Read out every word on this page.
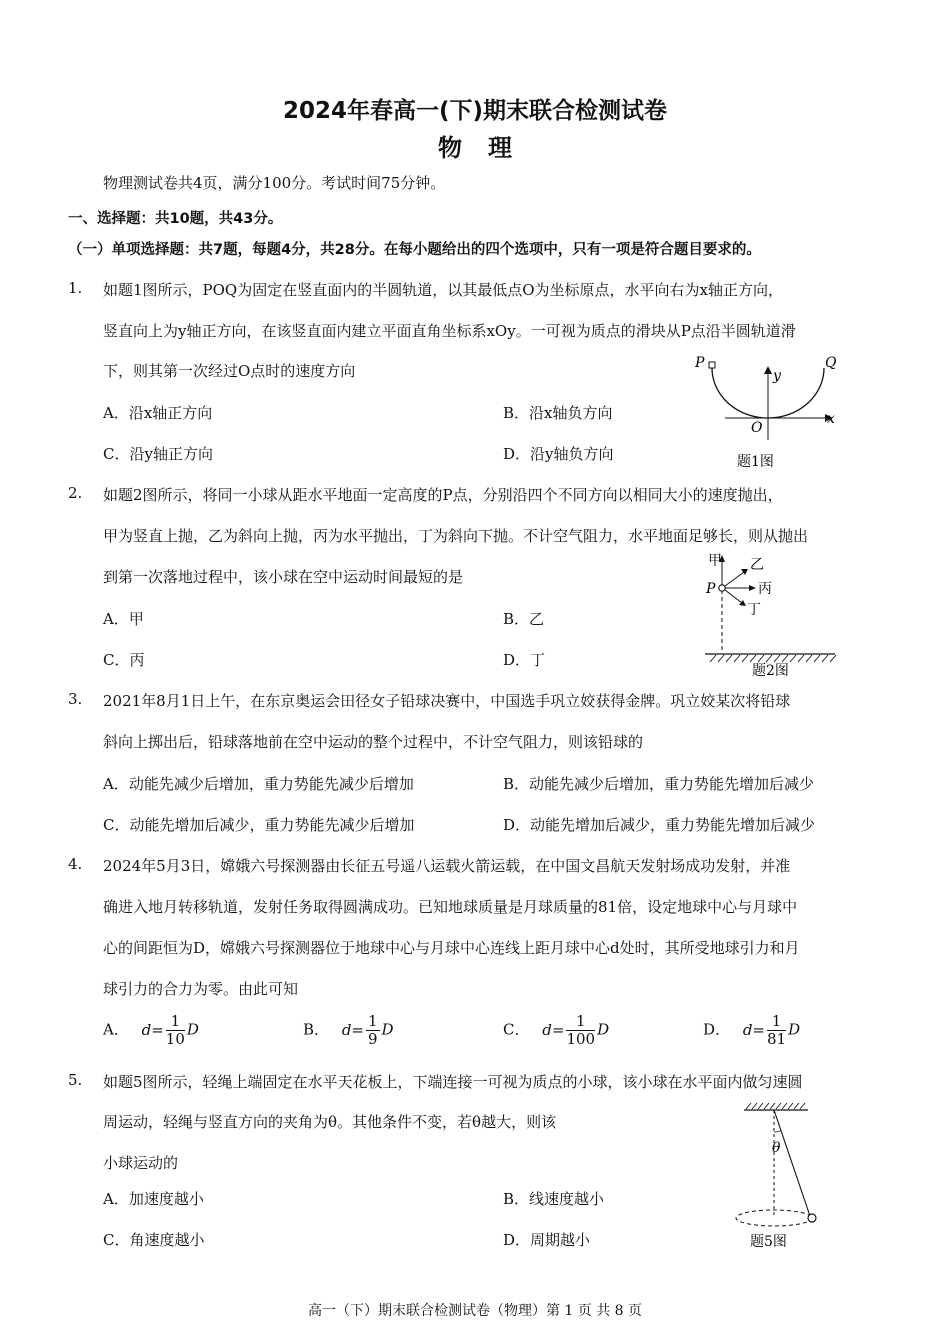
2024年春高一(下)期末联合检测试卷
物理
物理测试卷共4页，满分100分。考试时间75分钟。
一、选择题：共10题，共43分。
（一）单项选择题：共7题，每题4分，共28分。在每小题给出的四个选项中，只有一项是符合题目要求的。
1. 如题1图所示，POQ为固定在竖直面内的半圆轨道，以其最低点O为坐标原点，水平向右为x轴正方向，
竖直向上为y轴正方向，在该竖直面内建立平面直角坐标系xOy。一可视为质点的滑块从P点沿半圆轨道滑
下，则其第一次经过O点时的速度方向
A．沿x轴正方向	B．沿x轴负方向
C．沿y轴正方向	D．沿y轴负方向
P	Q
O
x
y
题1图
2. 如题2图所示，将同一小球从距水平地面一定高度的P点，分别沿四个不同方向以相同大小的速度抛出，
甲为竖直上抛，乙为斜向上抛，丙为水平抛出，丁为斜向下抛。不计空气阻力，水平地面足够长，则从抛出
到第一次落地过程中，该小球在空中运动时间最短的是
A．甲	B．乙
C．丙	D．丁
甲 乙
丙
丁
P
题2图
3. 2021年8月1日上午，在东京奥运会田径女子铅球决赛中，中国选手巩立姣获得金牌。巩立姣某次将铅球
斜向上掷出后，铅球落地前在空中运动的整个过程中，不计空气阻力，则该铅球的
A．动能先减少后增加，重力势能先减少后增加	B．动能先减少后增加，重力势能先增加后减少
C．动能先增加后减少，重力势能先减少后增加	D．动能先增加后减少，重力势能先增加后减少
4. 2024年5月3日，嫦娥六号探测器由长征五号遥八运载火箭运载，在中国文昌航天发射场成功发射，并准
确进入地月转移轨道，发射任务取得圆满成功。已知地球质量是月球质量的81倍，设定地球中心与月球中
心的间距恒为D，嫦娥六号探测器位于地球中心与月球中心连线上距月球中心d处时，其所受地球引力和月
球引力的合力为零。由此可知
A． $d= \frac{1}{10}$ D	B． $d= \frac{1}{9}$ D	C． $d= \frac{1}{100}$ D	D． $d= \frac{1}{81}$ D
5. 如题5图所示，轻绳上端固定在水平天花板上，下端连接一可视为质点的小球，该小球在水平面内做匀速圆
周运动，轻绳与竖直方向的夹角为θ。其他条件不变，若θ越大，则该
小球运动的
A．加速度越小	B．线速度越小
C．角速度越小	D．周期越小
θ
题5图
高一（下）期末联合检测试卷（物理）第 1 页 共 8 页
